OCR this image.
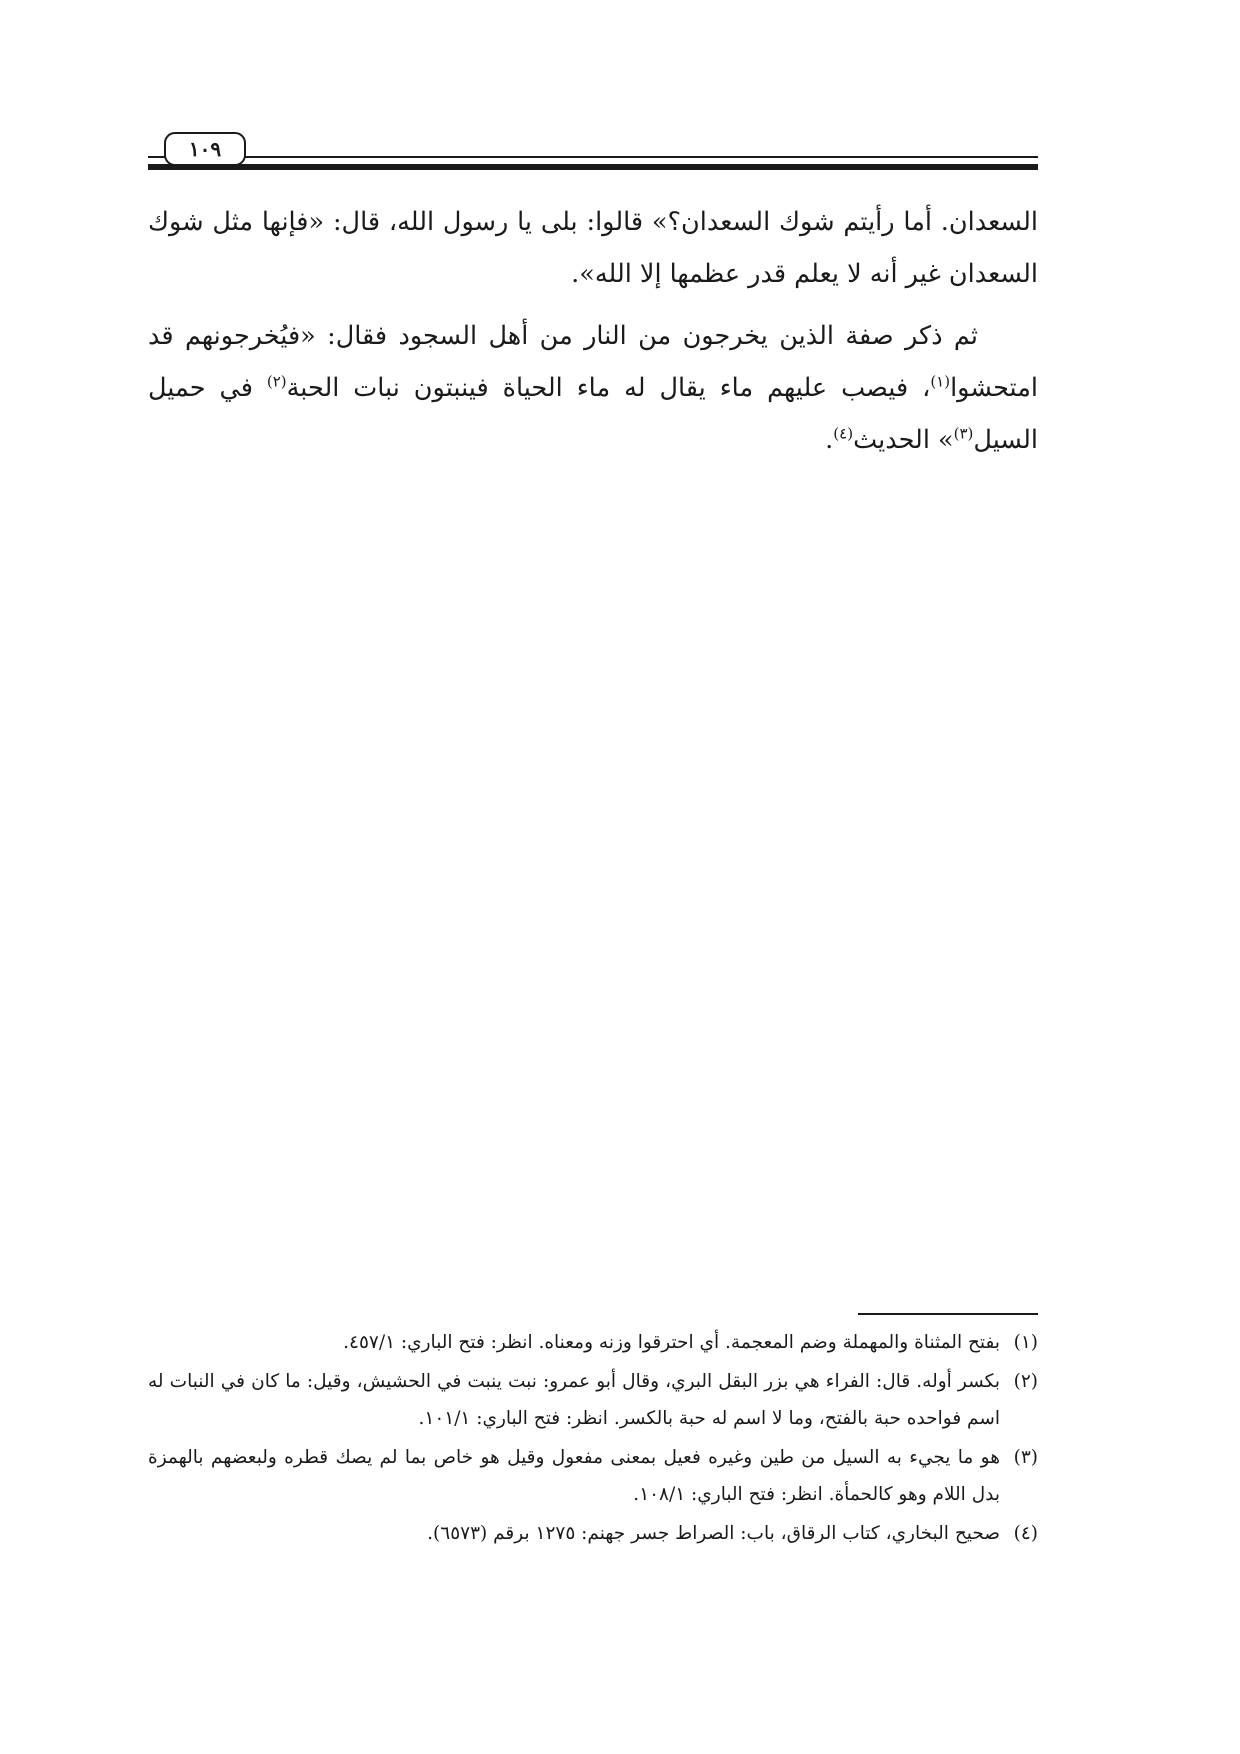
١٠٩

السعدان. أما رأيتم شوك السعدان؟» قالوا: بلى يا رسول الله، قال: «فإنها مثل شوك السعدان غير أنه لا يعلم قدر عظمها إلا الله».

ثم ذكر صفة الذين يخرجون من النار من أهل السجود فقال: «فيُخرجونهم قد امتحشوا$^{(١)}$، فيصب عليهم ماء يقال له ماء الحياة فينبتون نبات الحبة$^{(٢)}$ في حميل السيل$^{(٣)}$» الحديث$^{(٤)}$.

(١)بفتح المثناة والمهملة وضم المعجمة. أي احترقوا وزنه ومعناه. انظر: فتح الباري: ٤٥٧/١.
(٢)بكسر أوله. قال: الفراء هي بزر البقل البري، وقال أبو عمرو: نبت ينبت في الحشيش، وقيل: ما كان في النبات له اسم فواحده حبة بالفتح، وما لا اسم له حبة بالكسر. انظر: فتح الباري: ١٠١/١.
(٣)هو ما يجيء به السيل من طين وغيره فعيل بمعنى مفعول وقيل هو خاص بما لم يصك قطره ولبعضهم بالهمزة بدل اللام وهو كالحمأة. انظر: فتح الباري: ١٠٨/١.
(٤)صحيح البخاري، كتاب الرقاق، باب: الصراط جسر جهنم: ١٢٧٥ برقم (٦٥٧٣).
